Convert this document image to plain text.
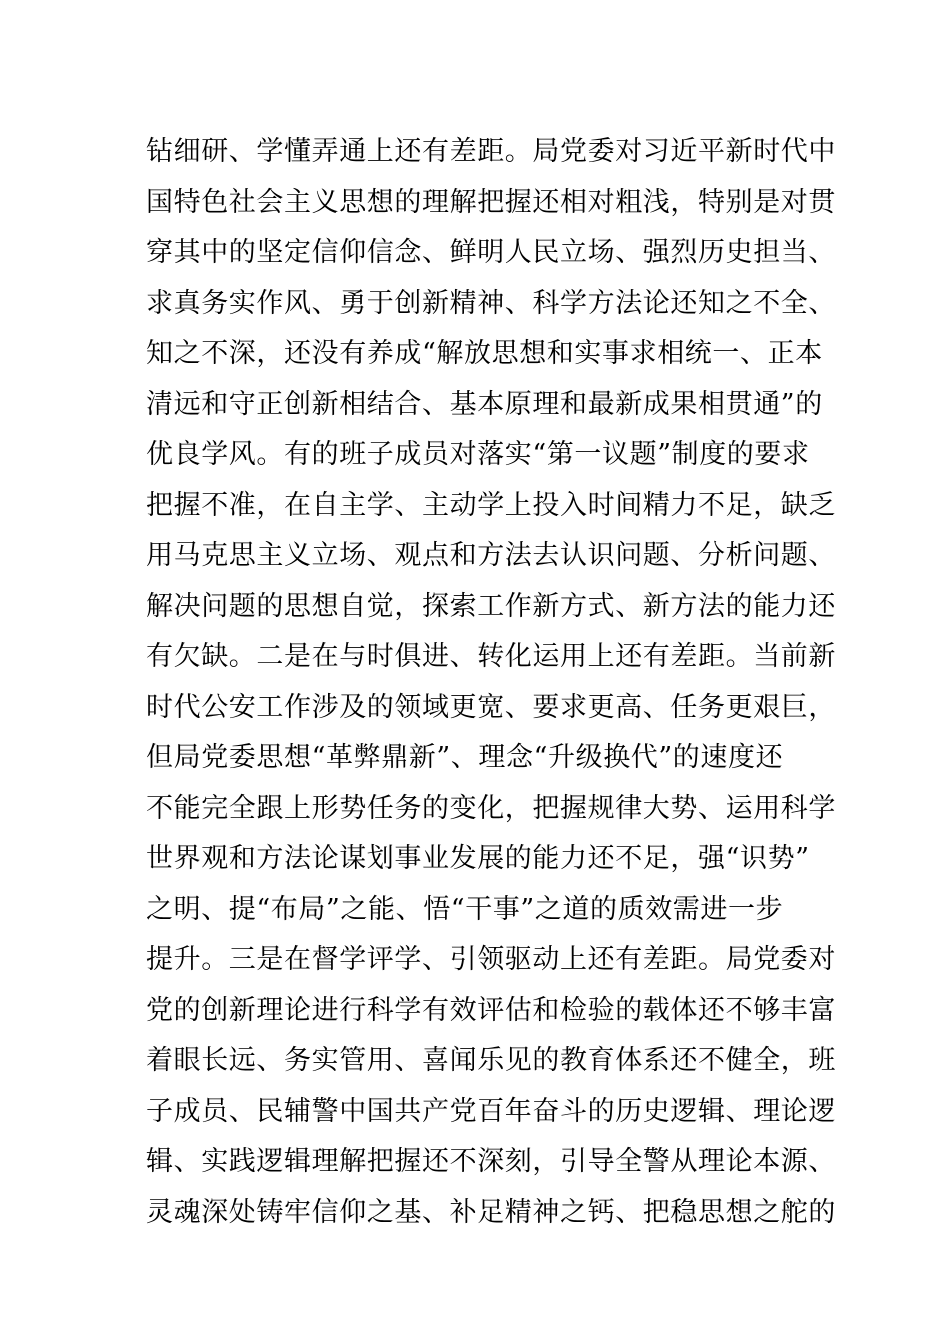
钻细研、学懂弄通上还有差距。局党委对习近平新时代中
国特色社会主义思想的理解把握还相对粗浅，特别是对贯
穿其中的坚定信仰信念、鲜明人民立场、强烈历史担当、
求真务实作风、勇于创新精神、科学方法论还知之不全、
知之不深，还没有养成“解放思想和实事求相统一、正本
清远和守正创新相结合、基本原理和最新成果相贯通”的
优良学风。有的班子成员对落实“第一议题”制度的要求
把握不准，在自主学、主动学上投入时间精力不足，缺乏
用马克思主义立场、观点和方法去认识问题、分析问题、
解决问题的思想自觉，探索工作新方式、新方法的能力还
有欠缺。二是在与时俱进、转化运用上还有差距。当前新
时代公安工作涉及的领域更宽、要求更高、任务更艰巨，
但局党委思想“革弊鼎新”、理念“升级换代”的速度还
不能完全跟上形势任务的变化，把握规律大势、运用科学
世界观和方法论谋划事业发展的能力还不足，强“识势”
之明、提“布局”之能、悟“干事”之道的质效需进一步
提升。三是在督学评学、引领驱动上还有差距。局党委对
党的创新理论进行科学有效评估和检验的载体还不够丰富
着眼长远、务实管用、喜闻乐见的教育体系还不健全，班
子成员、民辅警中国共产党百年奋斗的历史逻辑、理论逻
辑、实践逻辑理解把握还不深刻，引导全警从理论本源、
灵魂深处铸牢信仰之基、补足精神之钙、把稳思想之舵的
